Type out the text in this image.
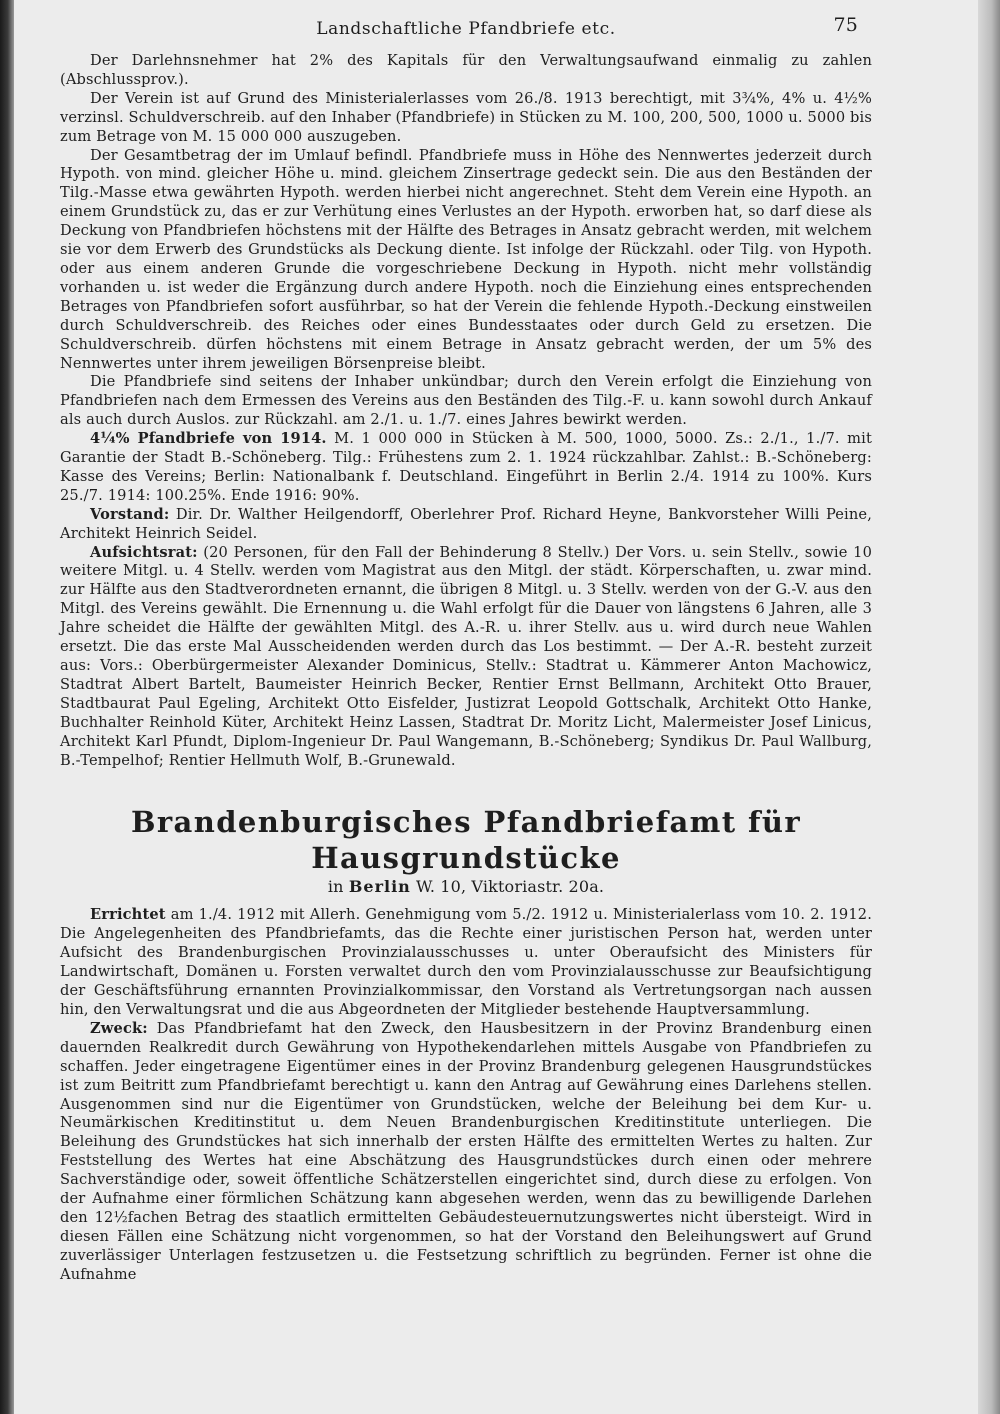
Landschaftliche Pfandbriefe etc.	75

Der Darlehnsnehmer hat 2% des Kapitals für den Verwaltungsaufwand einmalig zu zahlen (Abschlussprov.).

Der Verein ist auf Grund des Ministerialerlasses vom 26./8. 1913 berechtigt, mit 3¾%, 4% u. 4½% verzinsl. Schuldverschreib. auf den Inhaber (Pfandbriefe) in Stücken zu M. 100, 200, 500, 1000 u. 5000 bis zum Betrage von M. 15 000 000 auszugeben.

Der Gesamtbetrag der im Umlauf befindl. Pfandbriefe muss in Höhe des Nennwertes jederzeit durch Hypoth. von mind. gleicher Höhe u. mind. gleichem Zinsertrage gedeckt sein. Die aus den Beständen der Tilg.-Masse etwa gewährten Hypoth. werden hierbei nicht angerechnet. Steht dem Verein eine Hypoth. an einem Grundstück zu, das er zur Verhütung eines Verlustes an der Hypoth. erworben hat, so darf diese als Deckung von Pfandbriefen höchstens mit der Hälfte des Betrages in Ansatz gebracht werden, mit welchem sie vor dem Erwerb des Grundstücks als Deckung diente. Ist infolge der Rückzahl. oder Tilg. von Hypoth. oder aus einem anderen Grunde die vorgeschriebene Deckung in Hypoth. nicht mehr vollständig vorhanden u. ist weder die Ergänzung durch andere Hypoth. noch die Einziehung eines entsprechenden Betrages von Pfandbriefen sofort ausführbar, so hat der Verein die fehlende Hypoth.-Deckung einstweilen durch Schuldverschreib. des Reiches oder eines Bundesstaates oder durch Geld zu ersetzen. Die Schuldverschreib. dürfen höchstens mit einem Betrage in Ansatz gebracht werden, der um 5% des Nennwertes unter ihrem jeweiligen Börsenpreise bleibt.

Die Pfandbriefe sind seitens der Inhaber unkündbar; durch den Verein erfolgt die Einziehung von Pfandbriefen nach dem Ermessen des Vereins aus den Beständen des Tilg.-F. u. kann sowohl durch Ankauf als auch durch Auslos. zur Rückzahl. am 2./1. u. 1./7. eines Jahres bewirkt werden.

4¼% Pfandbriefe von 1914. M. 1 000 000 in Stücken à M. 500, 1000, 5000. Zs.: 2./1., 1./7. mit Garantie der Stadt B.-Schöneberg. Tilg.: Frühestens zum 2. 1. 1924 rückzahlbar. Zahlst.: B.-Schöneberg: Kasse des Vereins; Berlin: Nationalbank f. Deutschland. Eingeführt in Berlin 2./4. 1914 zu 100%. Kurs 25./7. 1914: 100.25%. Ende 1916: 90%.

Vorstand: Dir. Dr. Walther Heilgendorff, Oberlehrer Prof. Richard Heyne, Bankvorsteher Willi Peine, Architekt Heinrich Seidel.

Aufsichtsrat: (20 Personen, für den Fall der Behinderung 8 Stellv.) Der Vors. u. sein Stellv., sowie 10 weitere Mitgl. u. 4 Stellv. werden vom Magistrat aus den Mitgl. der städt. Körperschaften, u. zwar mind. zur Hälfte aus den Stadtverordneten ernannt, die übrigen 8 Mitgl. u. 3 Stellv. werden von der G.-V. aus den Mitgl. des Vereins gewählt. Die Ernennung u. die Wahl erfolgt für die Dauer von längstens 6 Jahren, alle 3 Jahre scheidet die Hälfte der gewählten Mitgl. des A.-R. u. ihrer Stellv. aus u. wird durch neue Wahlen ersetzt. Die das erste Mal Ausscheidenden werden durch das Los bestimmt. — Der A.-R. besteht zurzeit aus: Vors.: Oberbürgermeister Alexander Dominicus, Stellv.: Stadtrat u. Kämmerer Anton Machowicz, Stadtrat Albert Bartelt, Baumeister Heinrich Becker, Rentier Ernst Bellmann, Architekt Otto Brauer, Stadtbaurat Paul Egeling, Architekt Otto Eisfelder, Justizrat Leopold Gottschalk, Architekt Otto Hanke, Buchhalter Reinhold Küter, Architekt Heinz Lassen, Stadtrat Dr. Moritz Licht, Malermeister Josef Linicus, Architekt Karl Pfundt, Diplom-Ingenieur Dr. Paul Wangemann, B.-Schöneberg; Syndikus Dr. Paul Wallburg, B.-Tempelhof; Rentier Hellmuth Wolf, B.-Grunewald.

Brandenburgisches Pfandbriefamt für Hausgrundstücke
in Berlin W. 10, Viktoriastr. 20a.

Errichtet am 1./4. 1912 mit Allerh. Genehmigung vom 5./2. 1912 u. Ministerialerlass vom 10. 2. 1912. Die Angelegenheiten des Pfandbriefamts, das die Rechte einer juristischen Person hat, werden unter Aufsicht des Brandenburgischen Provinzialausschusses u. unter Oberaufsicht des Ministers für Landwirtschaft, Domänen u. Forsten verwaltet durch den vom Provinzialausschusse zur Beaufsichtigung der Geschäftsführung ernannten Provinzialkommissar, den Vorstand als Vertretungsorgan nach aussen hin, den Verwaltungsrat und die aus Abgeordneten der Mitglieder bestehende Hauptversammlung.

Zweck: Das Pfandbriefamt hat den Zweck, den Hausbesitzern in der Provinz Brandenburg einen dauernden Realkredit durch Gewährung von Hypothekendarlehen mittels Ausgabe von Pfandbriefen zu schaffen. Jeder eingetragene Eigentümer eines in der Provinz Brandenburg gelegenen Hausgrundstückes ist zum Beitritt zum Pfandbriefamt berechtigt u. kann den Antrag auf Gewährung eines Darlehens stellen. Ausgenommen sind nur die Eigentümer von Grundstücken, welche der Beleihung bei dem Kur- u. Neumärkischen Kreditinstitut u. dem Neuen Brandenburgischen Kreditinstitute unterliegen. Die Beleihung des Grundstückes hat sich innerhalb der ersten Hälfte des ermittelten Wertes zu halten. Zur Feststellung des Wertes hat eine Abschätzung des Hausgrundstückes durch einen oder mehrere Sachverständige oder, soweit öffentliche Schätzerstellen eingerichtet sind, durch diese zu erfolgen. Von der Aufnahme einer förmlichen Schätzung kann abgesehen werden, wenn das zu bewilligende Darlehen den 12½fachen Betrag des staatlich ermittelten Gebäudesteuernutzungswertes nicht übersteigt. Wird in diesen Fällen eine Schätzung nicht vorgenommen, so hat der Vorstand den Beleihungswert auf Grund zuverlässiger Unterlagen festzusetzen u. die Festsetzung schriftlich zu begründen. Ferner ist ohne die Aufnahme
